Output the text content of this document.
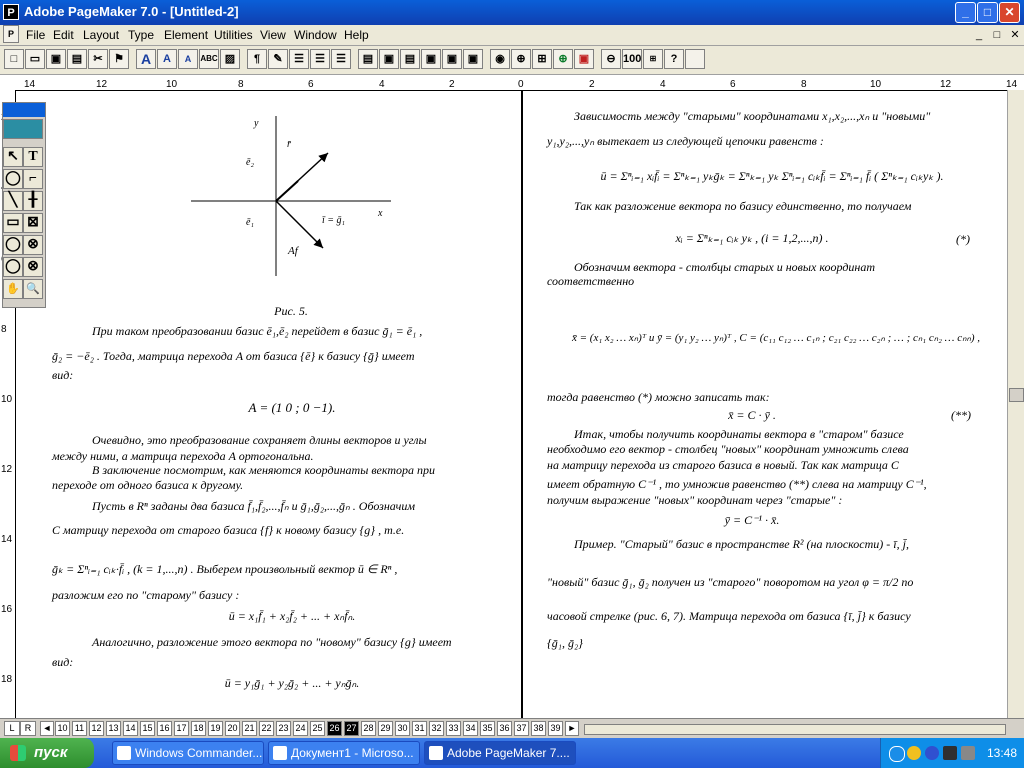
P Adobe PageMaker 7.0 - [Untitled-2]	_	□	✕
P	File Edit Layout Type Element Utilities View Window Help	_	□ ✕
□	▭ ▣ ▤	✂	⚑	A	A	A	ABC ▨	¶	✎	☰	☰	☰	▤ ▣ ▤ ▣ ▣ ▣	◉	⊕	⊞	⊕	▣	⊖ 100	⊞	?
14	12	10	8	6	4	2	0	2	4	6	8	10	12	14
8
10
12
14
16
18
y
x
r̄
ē₂
ē₁	ī = ḡ₁
Af
Рис. 5.
При таком преобразовании базис ē₁,ē₂ перейдет в базис ḡ₁ = ē₁ ,
ḡ₂ = −ē₂ . Тогда, матрица перехода A от базиса {ē} к базису {ḡ} имеет
вид:
A = (1 0 ; 0 −1).
Очевидно, это преобразование сохраняет длины векторов и углы
между ними, а матрица перехода A ортогональна.
В заключение посмотрим, как меняются координаты вектора при
переходе от одного базиса к другому.
Пусть в Rⁿ заданы два базиса f̄₁,f̄₂,...,f̄ₙ и ḡ₁,ḡ₂,...,ḡₙ . Обозначим
C матрицу перехода от старого базиса {f} к новому базису {g} , т.е.
ḡₖ = Σⁿᵢ₌₁ cᵢₖ·f̄ᵢ , (k = 1,...,n) . Выберем произвольный вектор ū ∈ Rⁿ ,
разложим его по "старому" базису :
ū = x₁f̄₁ + x₂f̄₂ + ... + xₙf̄ₙ.
Аналогично, разложение этого вектора по "новому" базису {g} имеет
вид:
ū = y₁ḡ₁ + y₂ḡ₂ + ... + yₙḡₙ.
Зависимость между "старыми" координатами x₁,x₂,...,xₙ и "новыми"
y₁,y₂,...,yₙ вытекает из следующей цепочки равенств :
ū = Σⁿᵢ₌₁ xᵢf̄ᵢ = Σⁿₖ₌₁ yₖḡₖ = Σⁿₖ₌₁ yₖ Σⁿᵢ₌₁ cᵢₖf̄ᵢ = Σⁿᵢ₌₁ f̄ᵢ ( Σⁿₖ₌₁ cᵢₖyₖ ).
Так как разложение вектора по базису единственно, то получаем
xᵢ = Σⁿₖ₌₁ cᵢₖ yₖ , (i = 1,2,...,n) .	(*)
Обозначим вектора - столбцы старых и новых координат
соответственно
x̄ = (x₁ x₂ … xₙ)ᵀ и ȳ = (y₁ y₂ … yₙ)ᵀ , C = (c₁₁ c₁₂ … c₁ₙ ; c₂₁ c₂₂ … c₂ₙ ; … ; cₙ₁ cₙ₂ … cₙₙ) ,
тогда равенство (*) можно записать так:
x̄ = C · ȳ .	(**)
Итак, чтобы получить координаты вектора в "старом" базисе
необходимо его вектор - столбец "новых" координат умножить слева
на матрицу перехода из старого базиса в новый. Так как матрица C
имеет обратную C⁻¹ , то умножив равенство (**) слева на матрицу C⁻¹,
получим выражение "новых" координат через "старые" :
ȳ = C⁻¹ · x̄.
Пример. "Старый" базис в пространстве R² (на плоскости) - ī, j̄,
"новый" базис ḡ₁, ḡ₂ получен из "старого" поворотом на угол φ = π/2 по
часовой стрелке (рис. 6, 7). Матрица перехода от базиса {ī, j̄} к базису
{ḡ₁, ḡ₂}
↖ T
◯ ⌐
╲ ╂
▭ ⊠
◯ ⊗
◯ ⊗
✋ 🔍
L	R	◄ 10 11 12 13 14 15 16 17 18 19 20 21 22 23 24 25 26 27 28 29 30 31 32 33 34 35 36 37 38 39 ►
пуск	Windows Commander...	Документ1 - Microso...	Adobe PageMaker 7....	13:48
